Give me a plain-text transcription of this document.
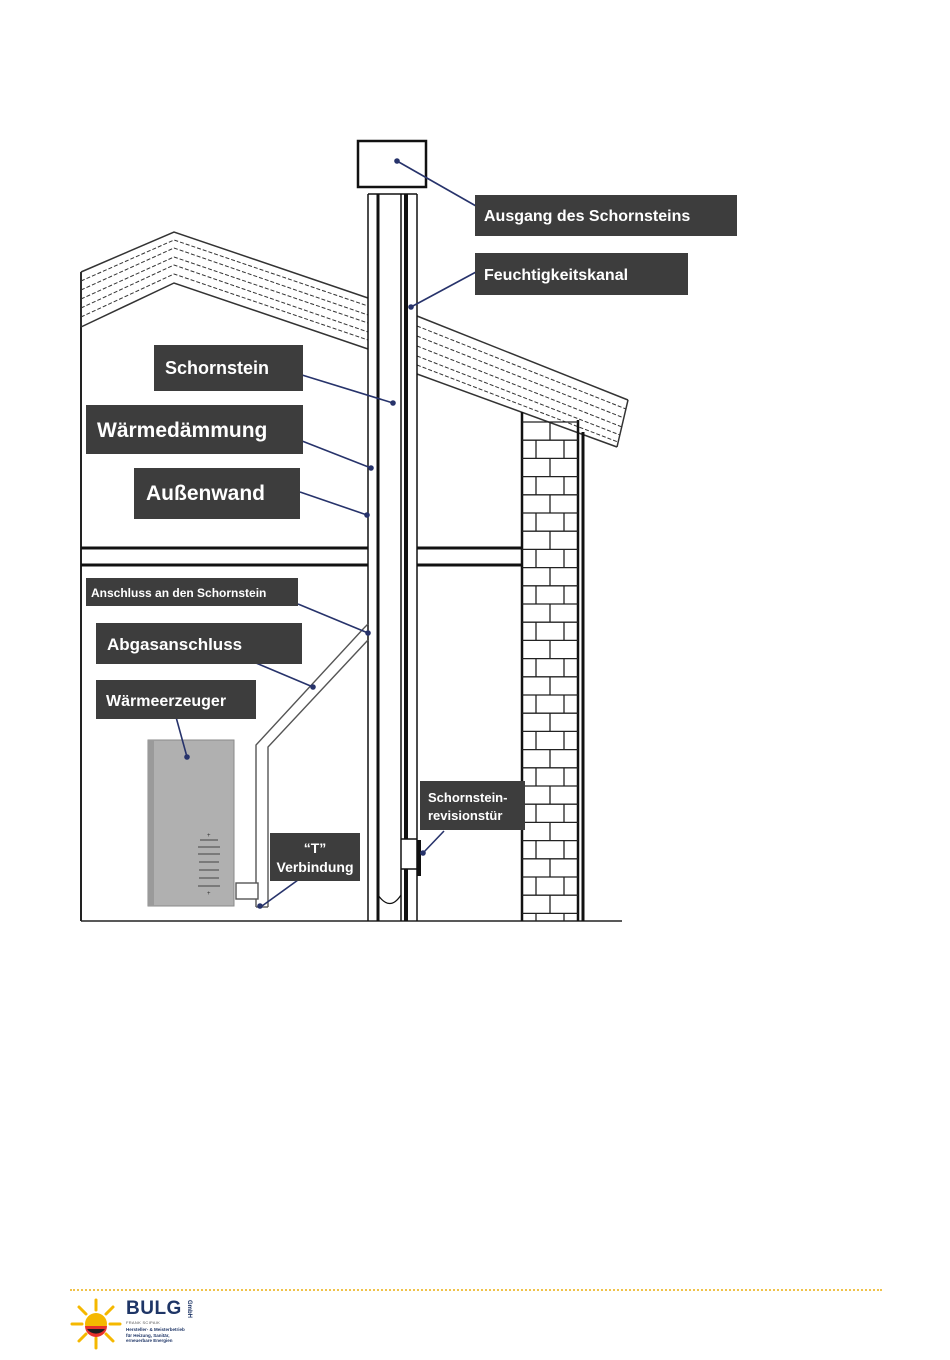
+
+
Ausgang des Schornsteins
Feuchtigkeitskanal
Schornstein
Wärmedämmung
Außenwand
Anschluss an den Schornstein
Abgasanschluss
Wärmeerzeuger
Schornstein-
revisionstür
“T”
Verbindung
BULG GmbH
FRANK SCIPAIK
Hersteller- & Meisterbetrieb
für Heizung, Sanitär,
erneuerbare Energien
